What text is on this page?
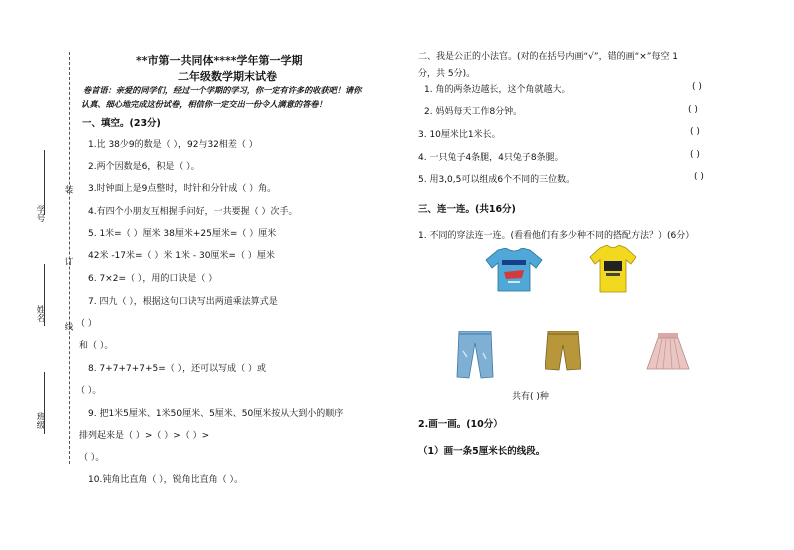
装
订
线
学号
姓名
班级
**市第一共同体****学年第一学期
二年级数学期末试卷
卷首语：亲爱的同学们，经过一个学期的学习，你一定有许多的收获吧！请你
认真、细心地完成这份试卷，相信你一定交出一份令人满意的答卷！
一、填空。(23分)
1.比 38少9的数是（ ），92与32相差（ ）
2.两个因数是6，积是（ ）。
3.时钟面上是9点整时，时针和分针成（ ）角。
4.有四个小朋友互相握手问好，一共要握（ ）次手。
5. 1米=（ ）厘米 38厘米+25厘米=（ ）厘米
42米 -17米=（ ）米 1米 - 30厘米=（ ）厘米
6. 7×2=（ ），用的口诀是（ ）
7. 四九（ ），根据这句口诀写出两道乘法算式是
（ ）
和（ ）。
8. 7+7+7+7+5=（ ），还可以写成（ ）或
（ ）。
9. 把1米5厘米、1米50厘米、5厘米、50厘米按从大到小的顺序
排列起来是（ ）>（ ）>（ ）>
（ ）。
10.钝角比直角（ ），锐角比直角（ ）。
二、我是公正的小法官。(对的在括号内画“√”，错的画“×”每空 1
分，共 5分)。
1. 角的两条边越长，这个角就越大。	( )
2. 妈妈每天工作8分钟。	( )
3. 10厘米比1米长。	( )
4. 一只兔子4条腿，4只兔子8条腿。	( )
5. 用3,0,5可以组成6个不同的三位数。	( )
三、连一连。(共16分)
1. 不同的穿法连一连。(看看他们有多少种不同的搭配方法？）(6分）
共有( )种
2.画一画。(10分）
（1）画一条5厘米长的线段。
